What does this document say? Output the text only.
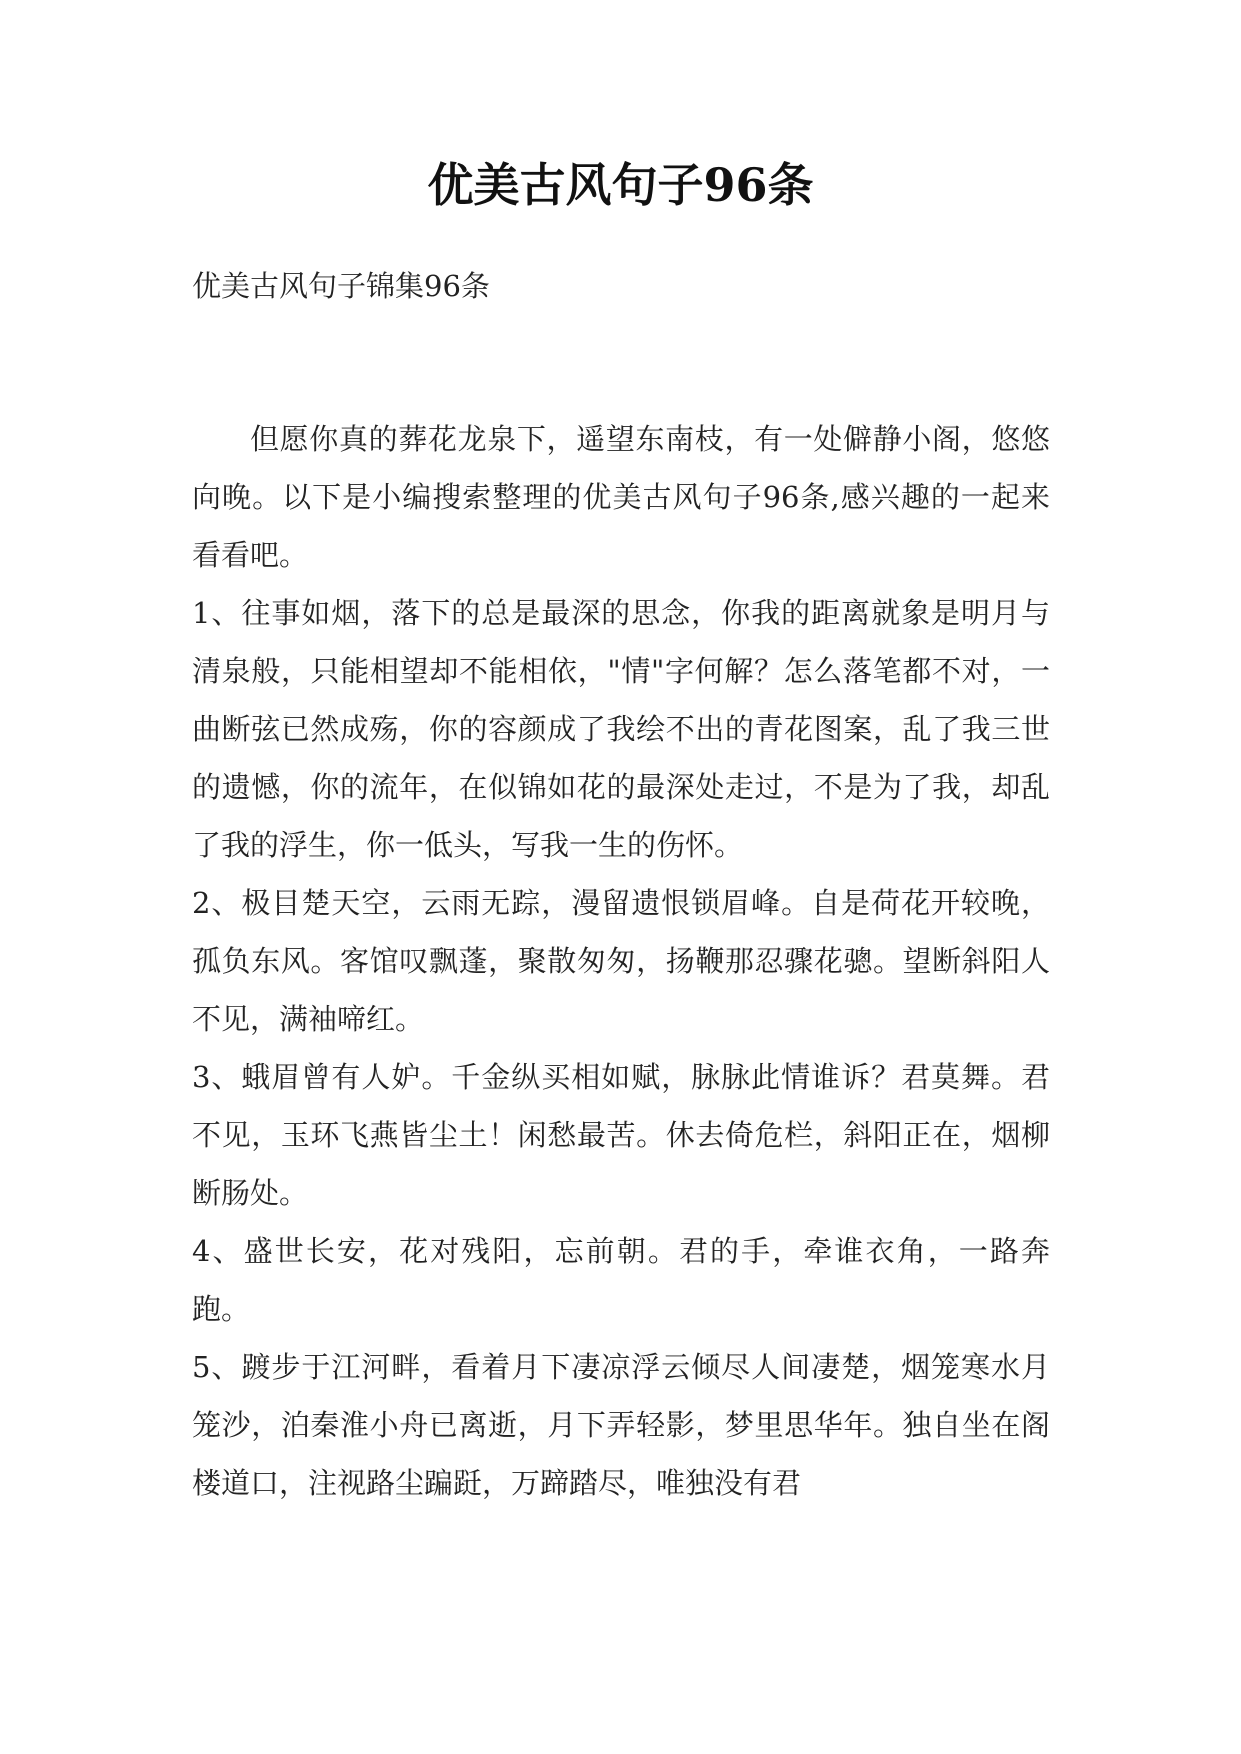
优美古风句子96条

优美古风句子锦集96条

但愿你真的葬花龙泉下，遥望东南枝，有一处僻静小阁，悠悠向晚。以下是小编搜索整理的优美古风句子96条,感兴趣的一起来看看吧。

1、往事如烟，落下的总是最深的思念，你我的距离就象是明月与清泉般，只能相望却不能相依，"情"字何解？怎么落笔都不对，一曲断弦已然成殇，你的容颜成了我绘不出的青花图案，乱了我三世的遗憾，你的流年，在似锦如花的最深处走过，不是为了我，却乱了我的浮生，你一低头，写我一生的伤怀。

2、极目楚天空，云雨无踪，漫留遗恨锁眉峰。自是荷花开较晚，孤负东风。客馆叹飘蓬，聚散匆匆，扬鞭那忍骤花骢。望断斜阳人不见，满袖啼红。

3、蛾眉曾有人妒。千金纵买相如赋，脉脉此情谁诉？君莫舞。君不见，玉环飞燕皆尘土！闲愁最苦。休去倚危栏，斜阳正在，烟柳断肠处。

4、盛世长安，花对残阳，忘前朝。君的手，牵谁衣角，一路奔跑。

5、踱步于江河畔，看着月下凄凉浮云倾尽人间凄楚，烟笼寒水月笼沙，泊秦淮小舟已离逝，月下弄轻影，梦里思华年。独自坐在阁楼道口，注视路尘蹁跹，万蹄踏尽，唯独没有君
